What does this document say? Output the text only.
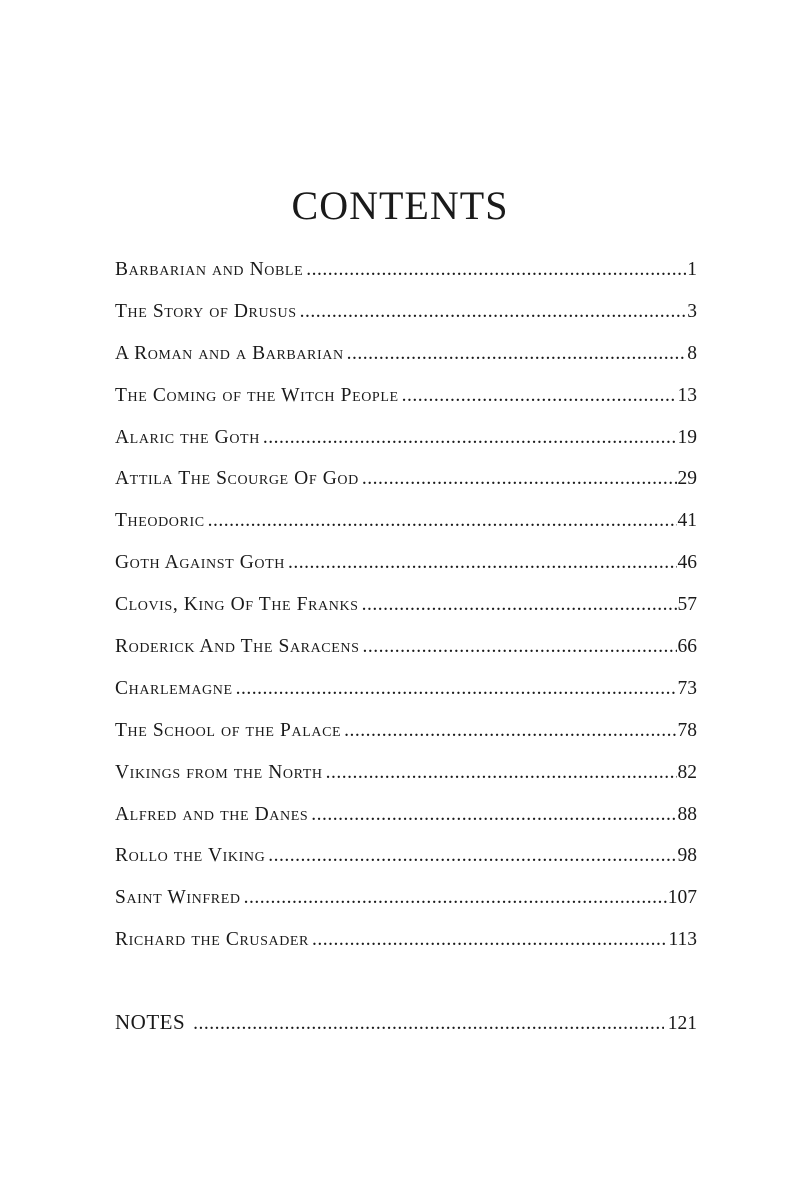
CONTENTS
Barbarian and Noble .....	1
The Story of Drusus .....	3
A Roman and a Barbarian .....	8
The Coming of the Witch People .....	13
Alaric the Goth .....	19
Attila The Scourge Of God .....	29
Theodoric .....	41
Goth Against Goth .....	46
Clovis, King Of The Franks .....	57
Roderick And The Saracens .....	66
Charlemagne .....	73
The School of the Palace .....	78
Vikings from the North .....	82
Alfred and the Danes .....	88
Rollo the Viking .....	98
Saint Winfred .....	107
Richard the Crusader .....	113
NOTES .....	121
